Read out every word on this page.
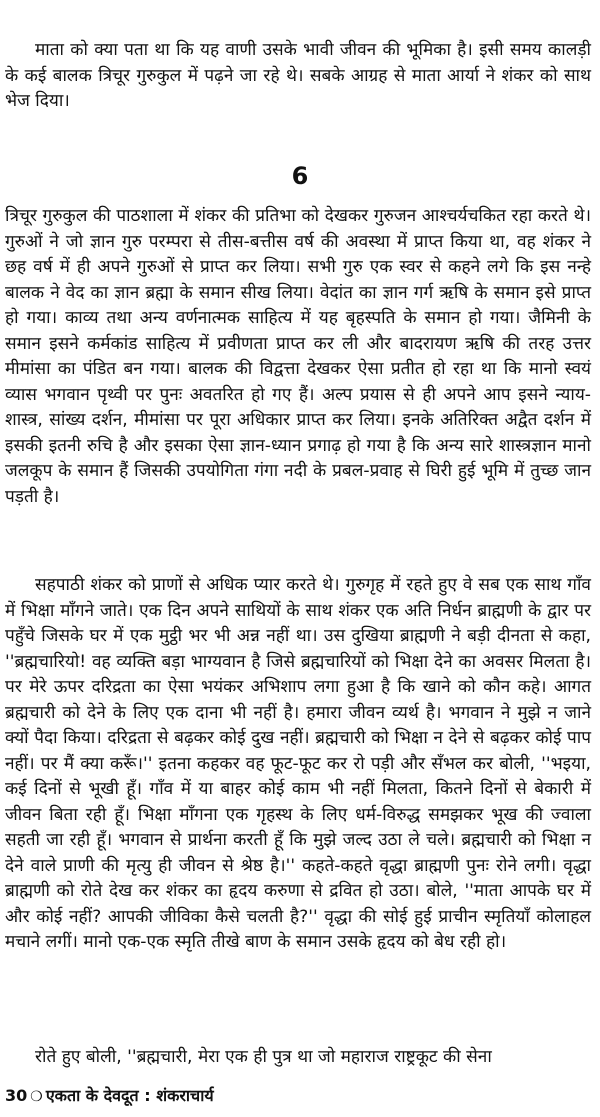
माता को क्या पता था कि यह वाणी उसके भावी जीवन की भूमिका है। इसी समय कालड़ी के कई बालक त्रिचूर गुरुकुल में पढ़ने जा रहे थे। सबके आग्रह से माता आर्या ने शंकर को साथ भेज दिया।

6

त्रिचूर गुरुकुल की पाठशाला में शंकर की प्रतिभा को देखकर गुरुजन आश्चर्यचकित रहा करते थे। गुरुओं ने जो ज्ञान गुरु परम्परा से तीस-बत्तीस वर्ष की अवस्था में प्राप्त किया था, वह शंकर ने छह वर्ष में ही अपने गुरुओं से प्राप्त कर लिया। सभी गुरु एक स्वर से कहने लगे कि इस नन्हे बालक ने वेद का ज्ञान ब्रह्मा के समान सीख लिया। वेदांत का ज्ञान गर्ग ऋषि के समान इसे प्राप्त हो गया। काव्य तथा अन्य वर्णनात्मक साहित्य में यह बृहस्पति के समान हो गया। जैमिनी के समान इसने कर्मकांड साहित्य में प्रवीणता प्राप्त कर ली और बादरायण ऋषि की तरह उत्तर मीमांसा का पंडित बन गया। बालक की विद्वत्ता देखकर ऐसा प्रतीत हो रहा था कि मानो स्वयं व्यास भगवान पृथ्वी पर पुनः अवतरित हो गए हैं। अल्प प्रयास से ही अपने आप इसने न्याय-शास्त्र, सांख्य दर्शन, मीमांसा पर पूरा अधिकार प्राप्त कर लिया। इनके अतिरिक्त अद्वैत दर्शन में इसकी इतनी रुचि है और इसका ऐसा ज्ञान-ध्यान प्रगाढ़ हो गया है कि अन्य सारे शास्त्रज्ञान मानो जलकूप के समान हैं जिसकी उपयोगिता गंगा नदी के प्रबल-प्रवाह से घिरी हुई भूमि में तुच्छ जान पड़ती है।

सहपाठी शंकर को प्राणों से अधिक प्यार करते थे। गुरुगृह में रहते हुए वे सब एक साथ गाँव में भिक्षा माँगने जाते। एक दिन अपने साथियों के साथ शंकर एक अति निर्धन ब्राह्मणी के द्वार पर पहुँचे जिसके घर में एक मुट्ठी भर भी अन्न नहीं था। उस दुखिया ब्राह्मणी ने बड़ी दीनता से कहा, ''ब्रह्मचारियो! वह व्यक्ति बड़ा भाग्यवान है जिसे ब्रह्मचारियों को भिक्षा देने का अवसर मिलता है। पर मेरे ऊपर दरिद्रता का ऐसा भयंकर अभिशाप लगा हुआ है कि खाने को कौन कहे। आगत ब्रह्मचारी को देने के लिए एक दाना भी नहीं है। हमारा जीवन व्यर्थ है। भगवान ने मुझे न जाने क्यों पैदा किया। दरिद्रता से बढ़कर कोई दुख नहीं। ब्रह्मचारी को भिक्षा न देने से बढ़कर कोई पाप नहीं। पर मैं क्या करूँ।'' इतना कहकर वह फूट-फूट कर रो पड़ी और सँभल कर बोली, ''भइया, कई दिनों से भूखी हूँ। गाँव में या बाहर कोई काम भी नहीं मिलता, कितने दिनों से बेकारी में जीवन बिता रही हूँ। भिक्षा माँगना एक गृहस्थ के लिए धर्म-विरुद्ध समझकर भूख की ज्वाला सहती जा रही हूँ। भगवान से प्रार्थना करती हूँ कि मुझे जल्द उठा ले चले। ब्रह्मचारी को भिक्षा न देने वाले प्राणी की मृत्यु ही जीवन से श्रेष्ठ है।'' कहते-कहते वृद्धा ब्राह्मणी पुनः रोने लगी। वृद्धा ब्राह्मणी को रोते देख कर शंकर का हृदय करुणा से द्रवित हो उठा। बोले, ''माता आपके घर में और कोई नहीं? आपकी जीविका कैसे चलती है?'' वृद्धा की सोई हुई प्राचीन स्मृतियाँ कोलाहल मचाने लगीं। मानो एक-एक स्मृति तीखे बाण के समान उसके हृदय को बेध रही हो।

रोते हुए बोली, ''ब्रह्मचारी, मेरा एक ही पुत्र था जो महाराज राष्ट्रकूट की सेना

30 ❍ एकता के देवदूत : शंकराचार्य
